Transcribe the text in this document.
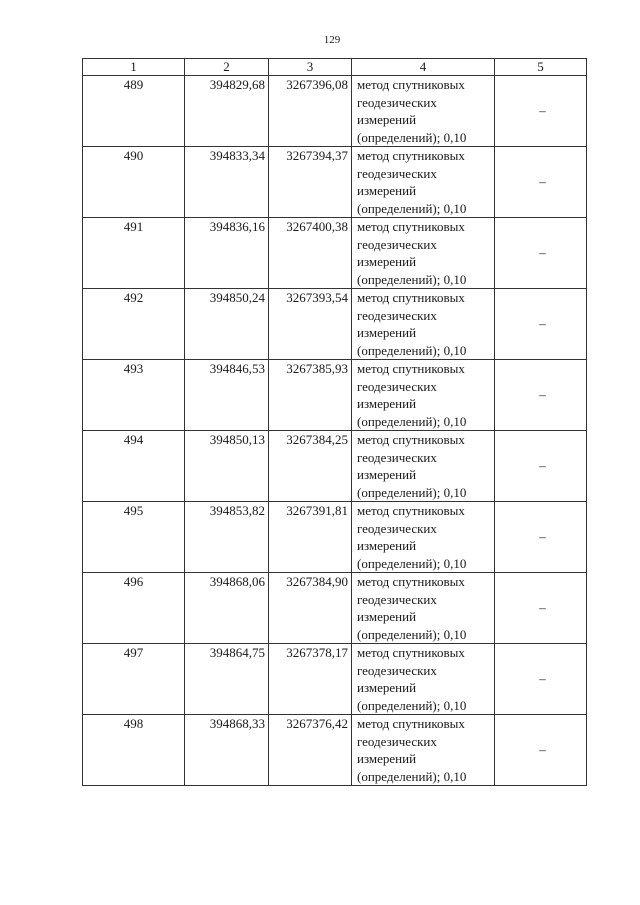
129
1	2	3	4	5
489	394829,68	3267396,08	метод спутниковых
геодезических
измерений
(определений); 0,10	–
490	394833,34	3267394,37	метод спутниковых
геодезических
измерений
(определений); 0,10	–
491	394836,16	3267400,38	метод спутниковых
геодезических
измерений
(определений); 0,10	–
492	394850,24	3267393,54	метод спутниковых
геодезических
измерений
(определений); 0,10	–
493	394846,53	3267385,93	метод спутниковых
геодезических
измерений
(определений); 0,10	–
494	394850,13	3267384,25	метод спутниковых
геодезических
измерений
(определений); 0,10	–
495	394853,82	3267391,81	метод спутниковых
геодезических
измерений
(определений); 0,10	–
496	394868,06	3267384,90	метод спутниковых
геодезических
измерений
(определений); 0,10	–
497	394864,75	3267378,17	метод спутниковых
геодезических
измерений
(определений); 0,10	–
498	394868,33	3267376,42	метод спутниковых
геодезических
измерений
(определений); 0,10	–
